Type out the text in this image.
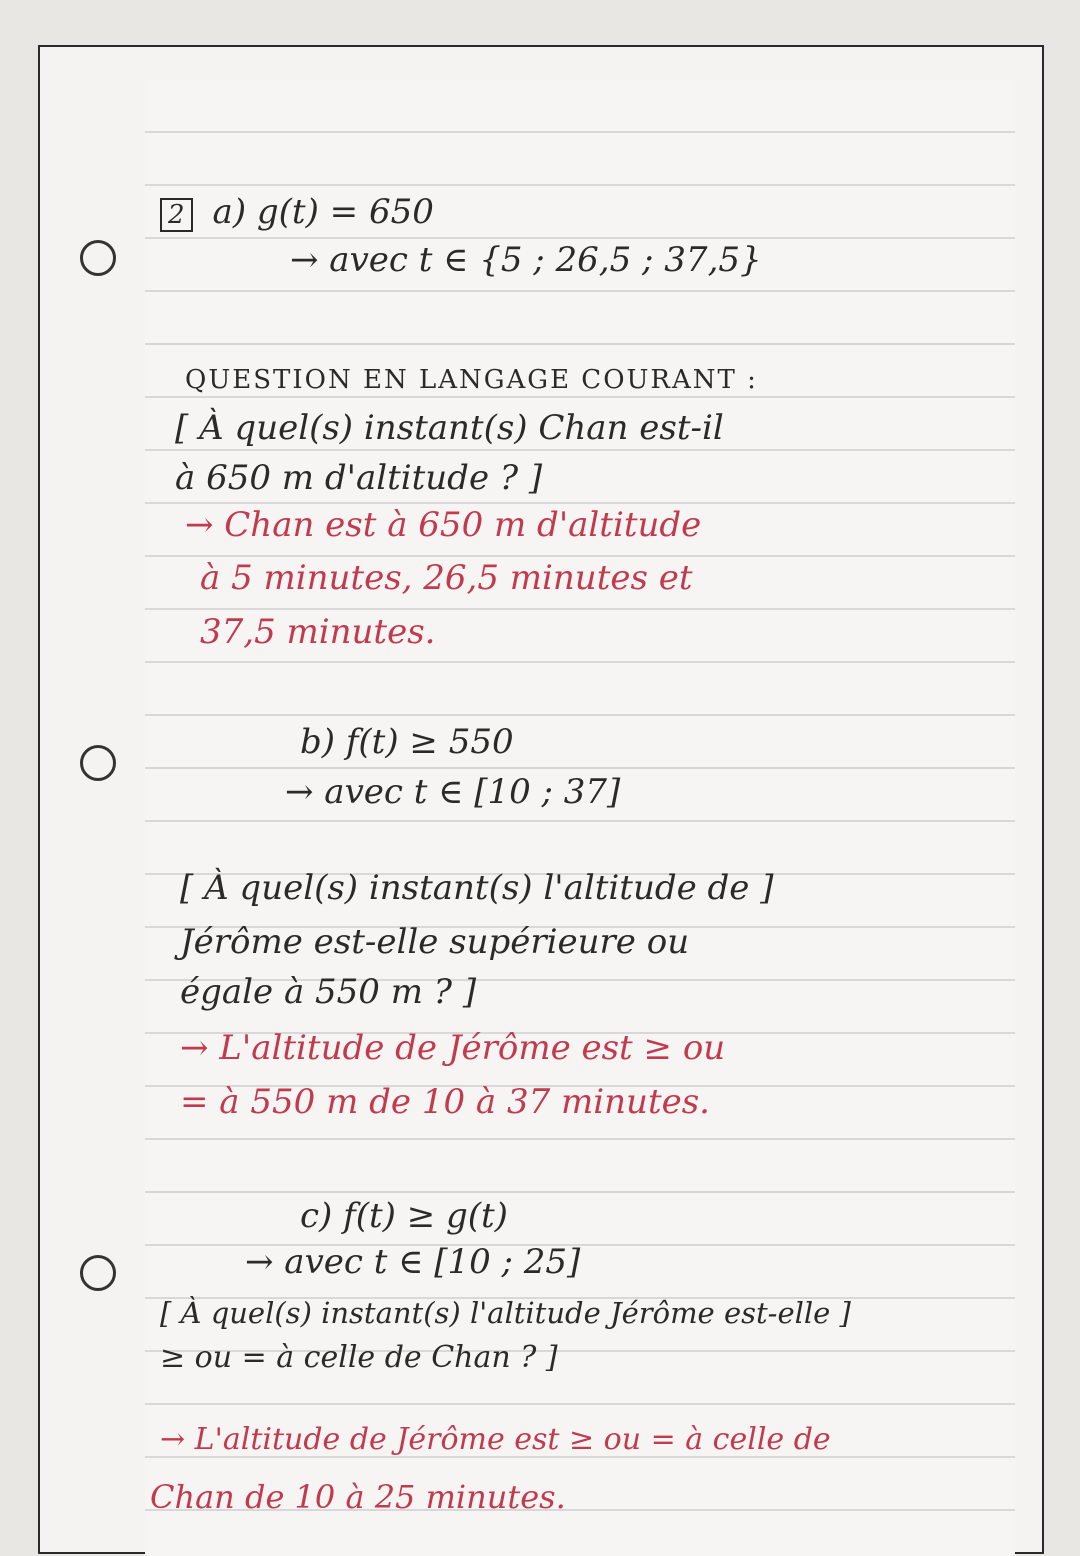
2 a) g(t) = 650
→ avec t ∈ {5 ; 26,5 ; 37,5}
QUESTION EN LANGAGE COURANT :
[ À quel(s) instant(s) Chan est-il
à 650 m d'altitude ? ]
→ Chan est à 650 m d'altitude
à 5 minutes, 26,5 minutes et
37,5 minutes.
b) f(t) ≥ 550
→ avec t ∈ [10 ; 37]
[ À quel(s) instant(s) l'altitude de ]
Jérôme est-elle supérieure ou
égale à 550 m ? ]
→ L'altitude de Jérôme est ≥ ou
= à 550 m de 10 à 37 minutes.
c) f(t) ≥ g(t)
→ avec t ∈ [10 ; 25]
[ À quel(s) instant(s) l'altitude Jérôme est-elle ]
≥ ou = à celle de Chan ? ]
→ L'altitude de Jérôme est ≥ ou = à celle de
Chan de 10 à 25 minutes.
